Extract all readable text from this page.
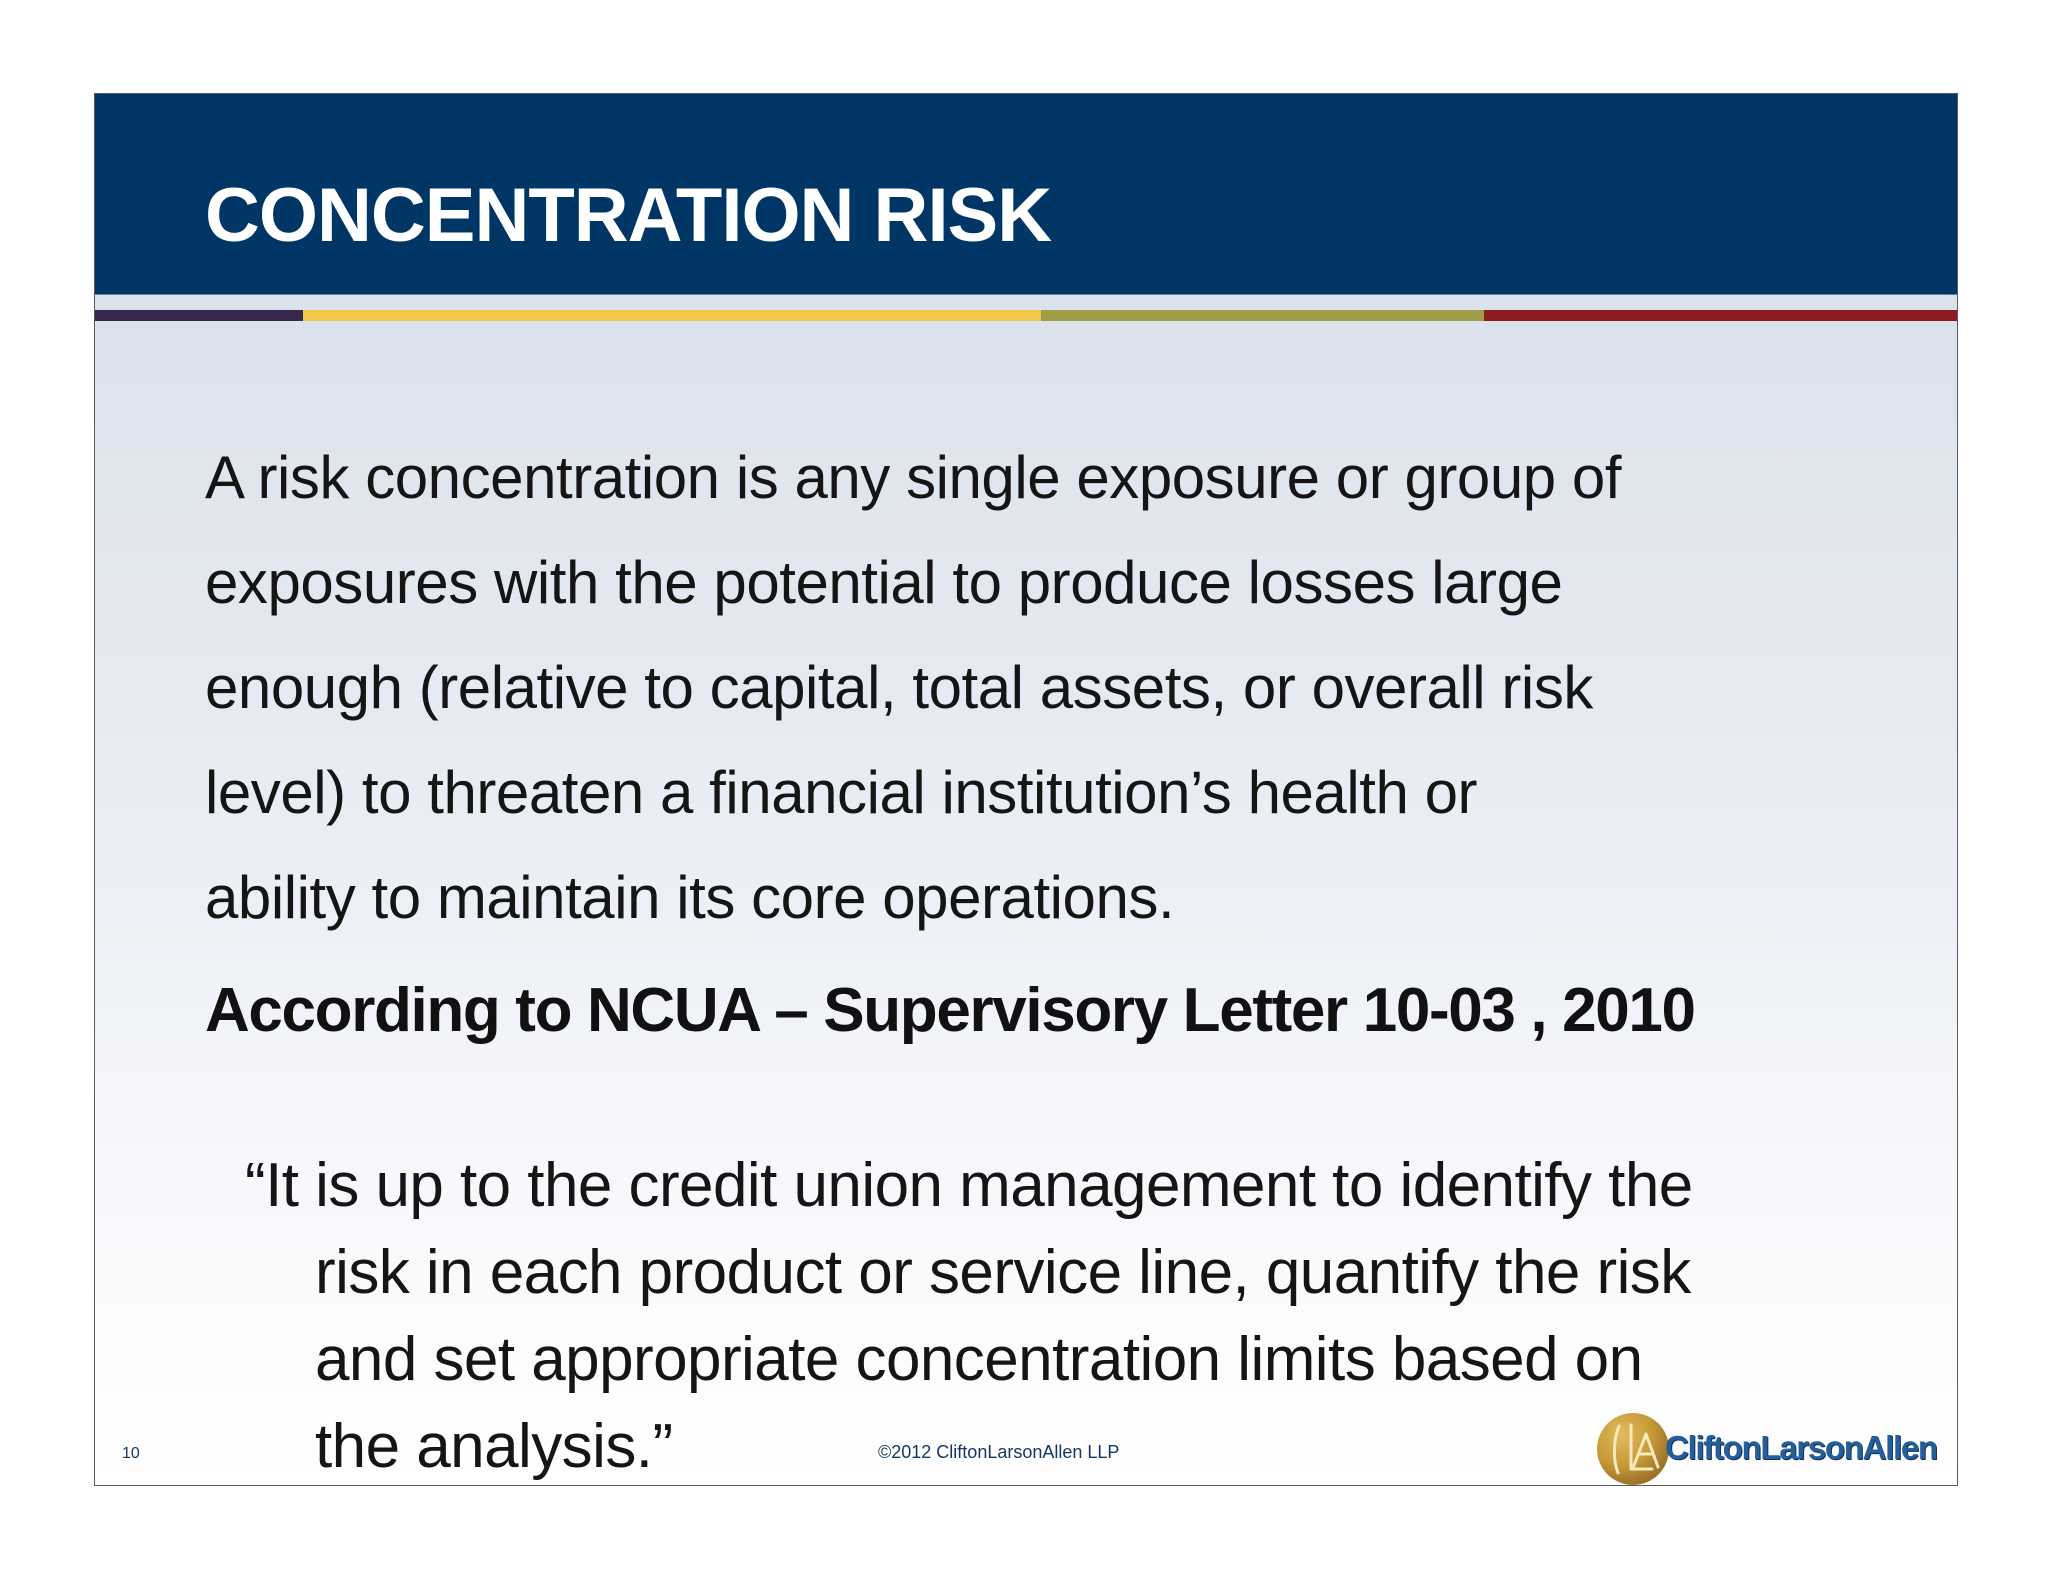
CONCENTRATION RISK
A risk concentration is any single exposure or group of
exposures with the potential to produce losses large
enough (relative to capital, total assets, or overall risk
level) to threaten a financial institution’s health or
ability to maintain its core operations.
According to NCUA – Supervisory Letter 10-03 , 2010
“It is up to the credit union management to identify the
risk in each product or service line, quantify the risk
and set appropriate concentration limits based on
the analysis.”
10	©2012 CliftonLarsonAllen LLP	CliftonLarsonAllen
